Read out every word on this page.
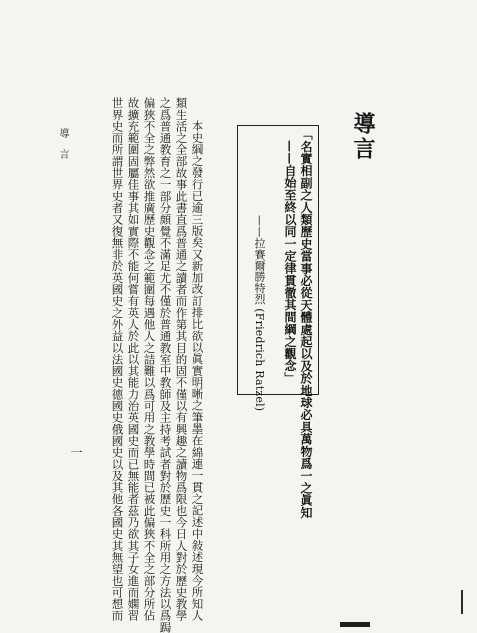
導言
「名實相副之人類歷史當事必從天體處起以及於地球必具萬物爲一之眞知
——自始至終以同一定律貫徹其間綱之觀念」
——拉賽爾勝特烈 (Friedrich Ratzel)
本史綱之發行已逾三版矣又新加改訂排比欲以眞實明晰之筆墨在綿連一貫之記述中敍述現今所知人
類生活之全部故事此書直爲普通之讀者而作第其目的固不僅以有興趣之讀物爲限也今日人對於歷史教學
之爲普通教育之一部分頗覺不滿足尤不僅於普通教室中教師及主持考試者對於歷史一科所用之方法以爲跼
偏狹不全之弊然欲推廣歷史觀念之範圍每遇他人之詰難以爲可用之教學時間已被此偏狹不全之部分所佔
故擴充範圍固屬佳事其如實際不能何嘗有英人於此以其能力治英國史而已無能者茲乃欲其子女進而嫻習
世界史而所謂世界史者又復無非於英國史之外益以法國史德國史俄國史以及其他各國史其無望也可想而
導 言
一
